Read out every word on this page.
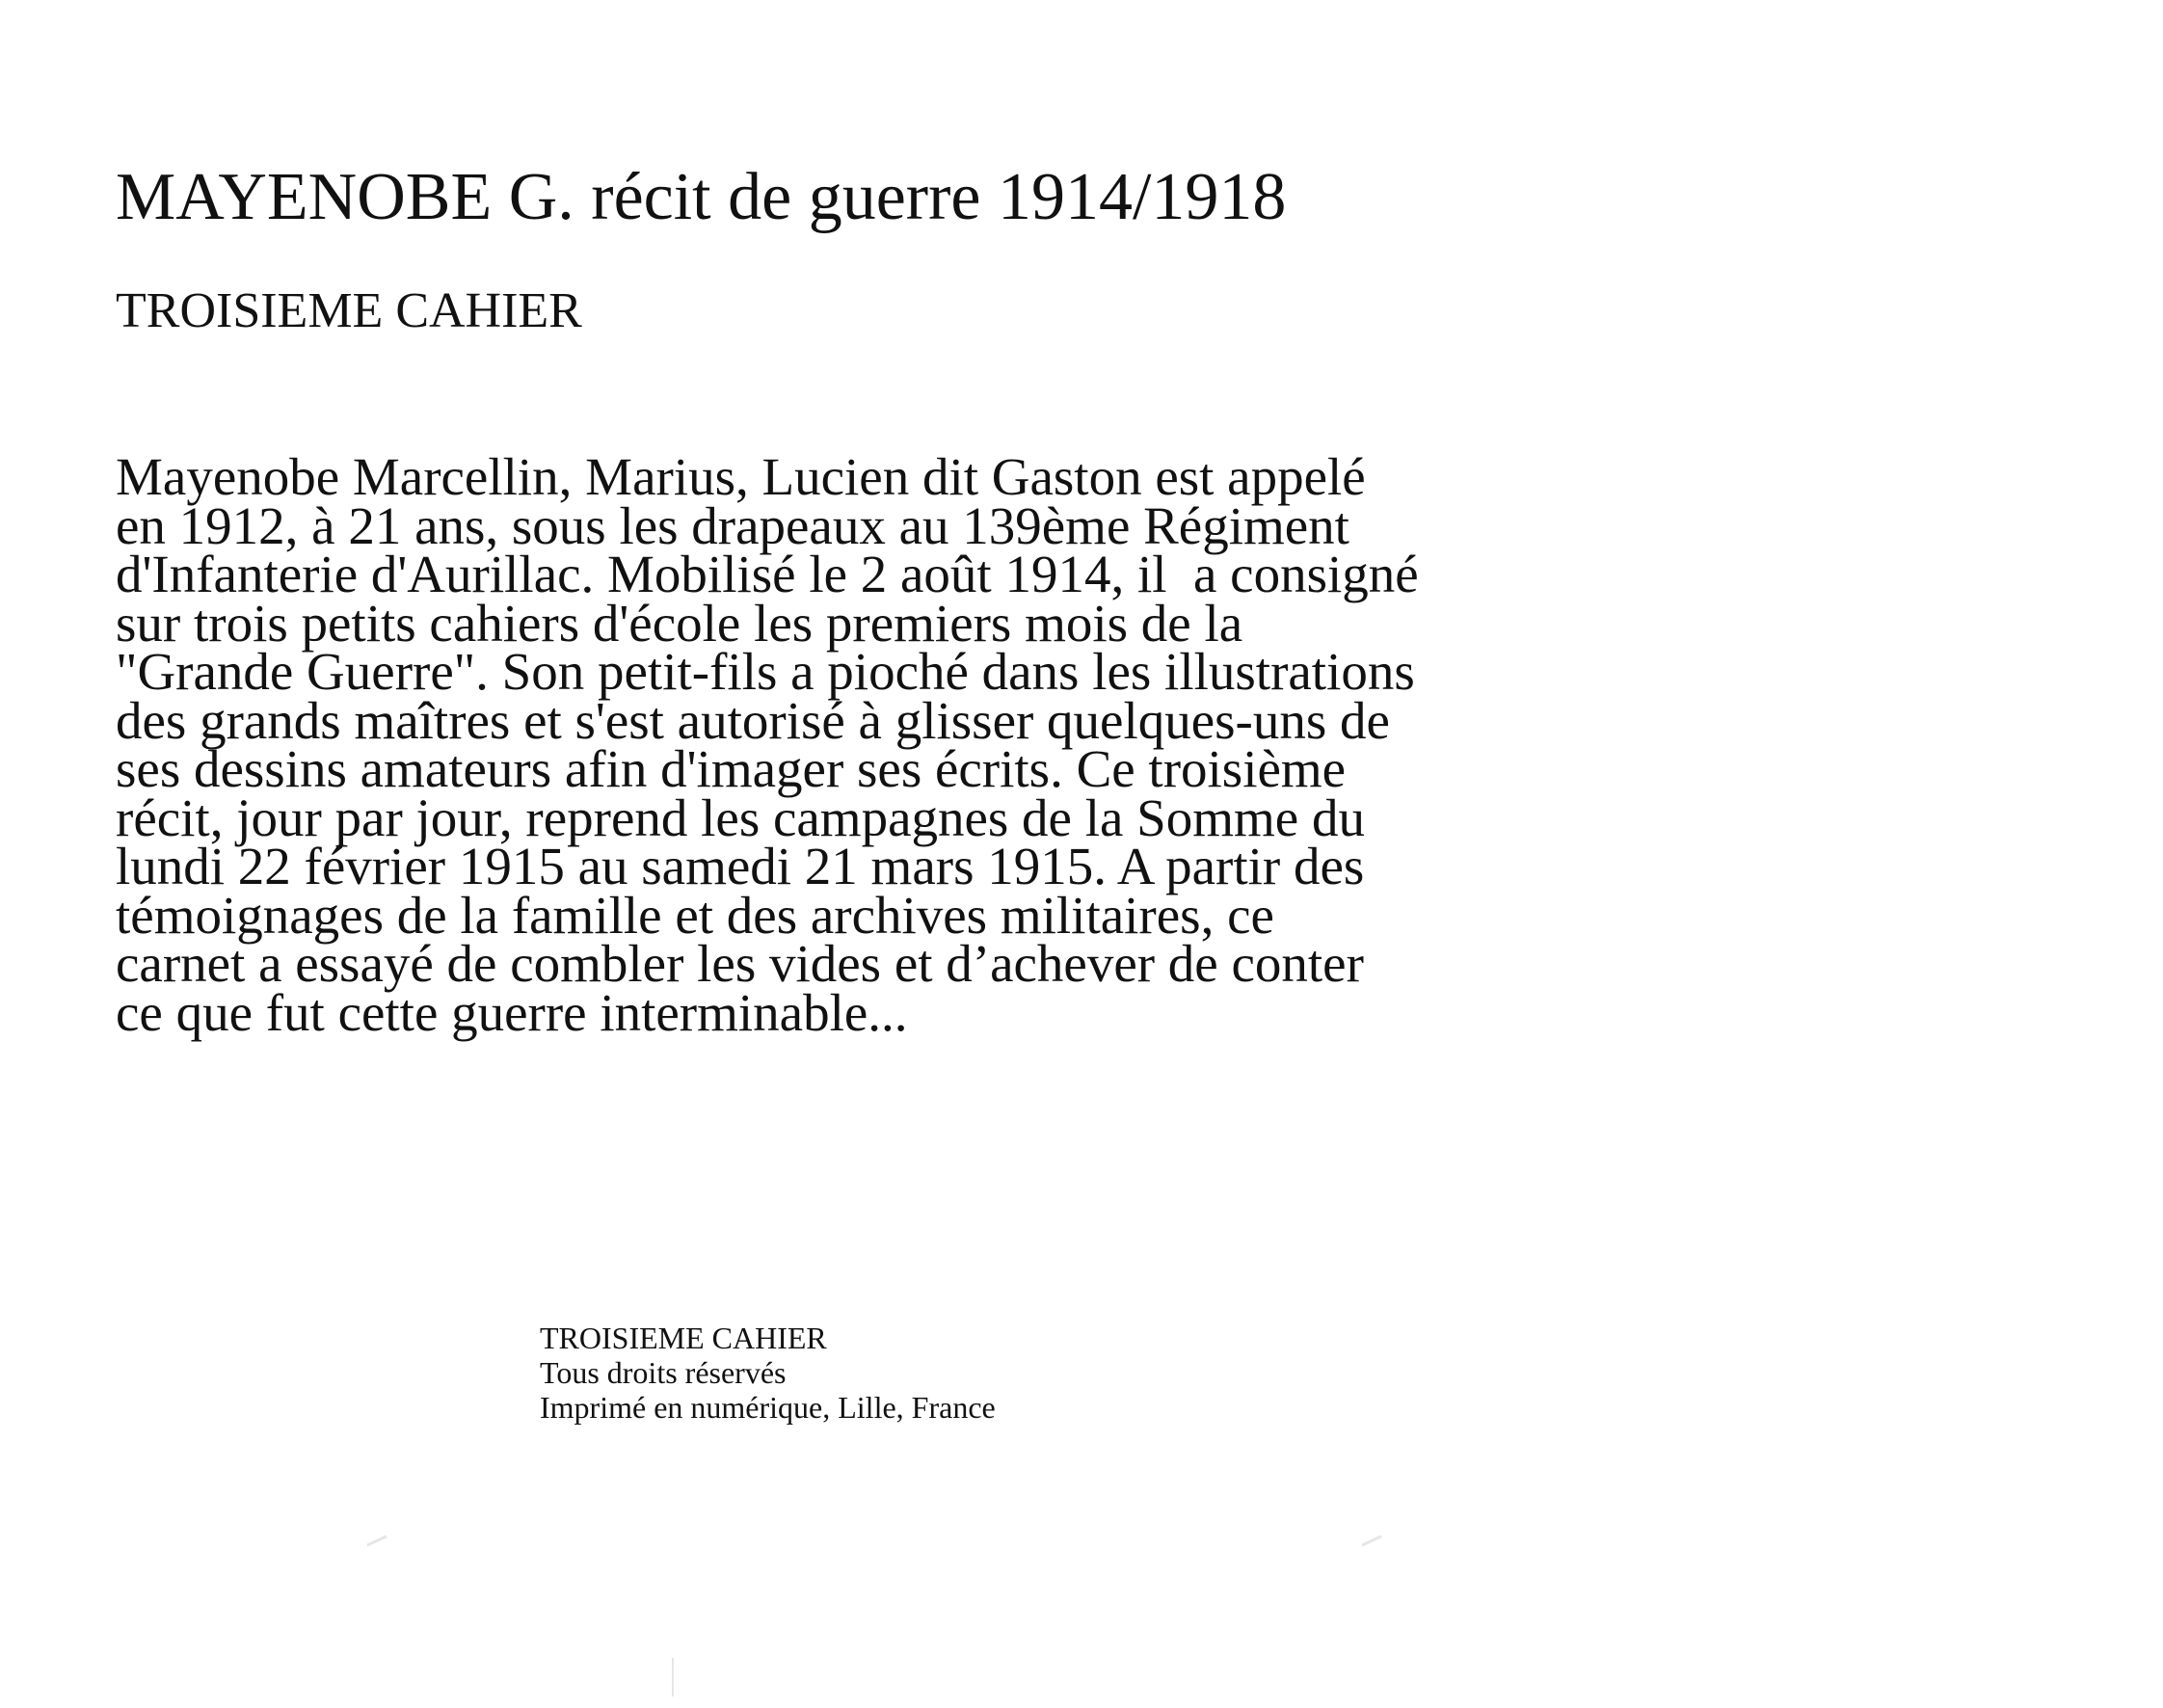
MAYENOBE G. récit de guerre 1914/1918
TROISIEME CAHIER
Mayenobe Marcellin, Marius, Lucien dit Gaston est appelé
en 1912, à 21 ans, sous les drapeaux au 139ème Régiment
d'Infanterie d'Aurillac. Mobilisé le 2 août 1914, il  a consigné
sur trois petits cahiers d'école les premiers mois de la
"Grande Guerre". Son petit-fils a pioché dans les illustrations
des grands maîtres et s'est autorisé à glisser quelques-uns de
ses dessins amateurs afin d'imager ses écrits. Ce troisième
récit, jour par jour, reprend les campagnes de la Somme du
lundi 22 février 1915 au samedi 21 mars 1915. A partir des
témoignages de la famille et des archives militaires, ce
carnet a essayé de combler les vides et d’achever de conter
ce que fut cette guerre interminable...
TROISIEME CAHIER
Tous droits réservés
Imprimé en numérique, Lille, France
